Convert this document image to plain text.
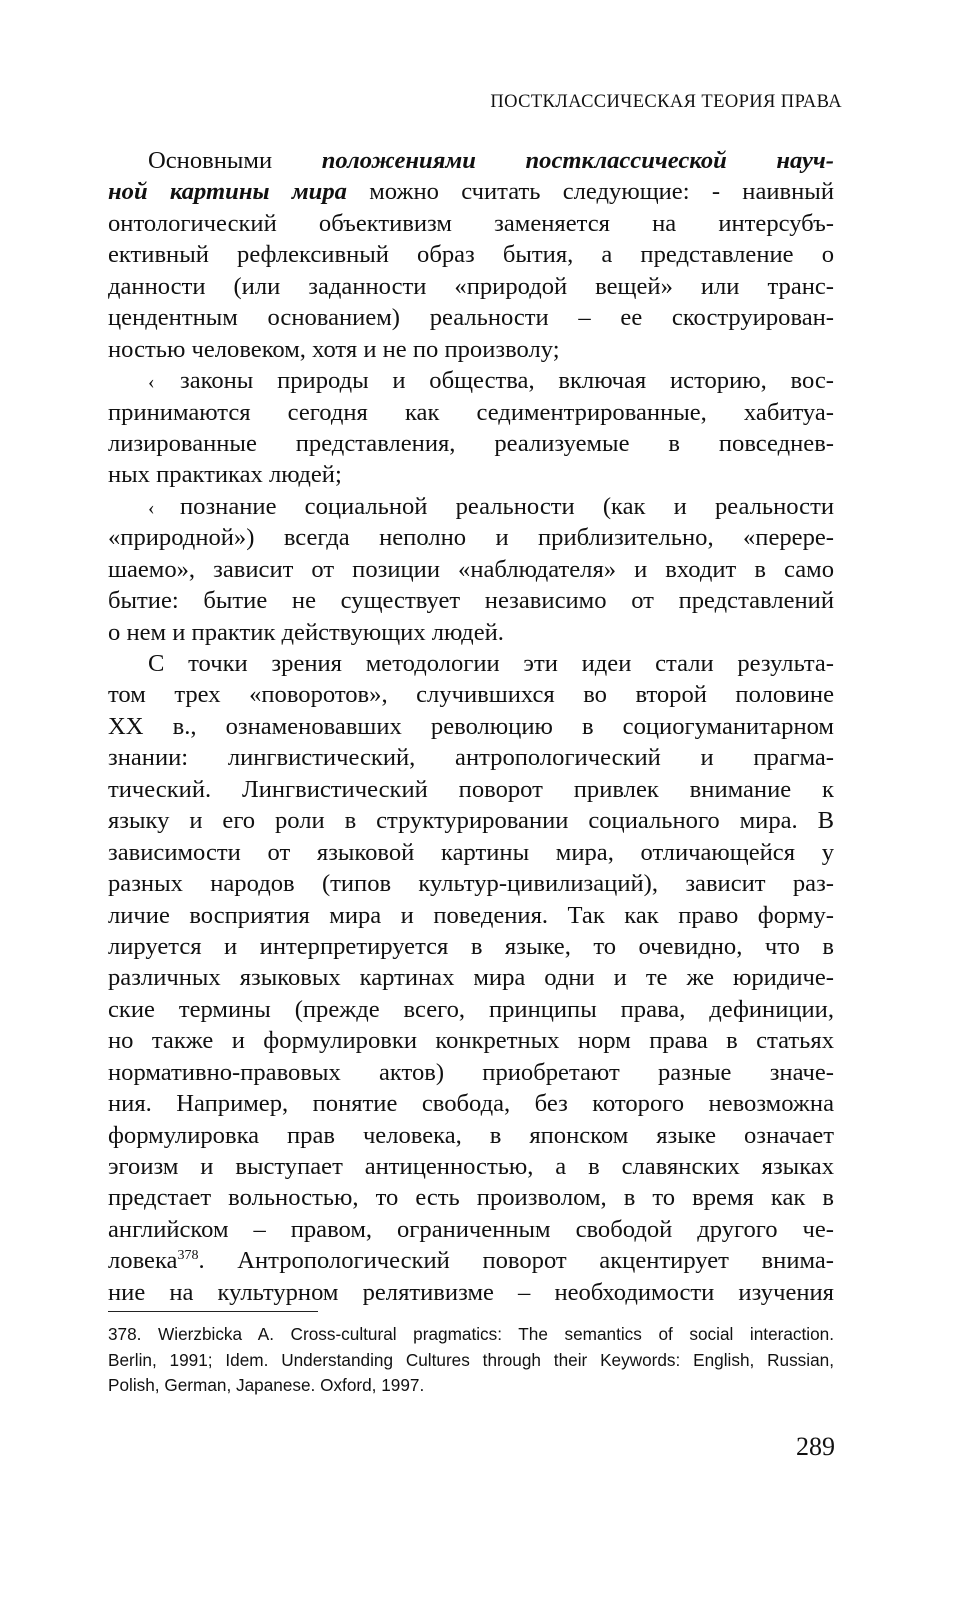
ПОСТКЛАССИЧЕСКАЯ ТЕОРИЯ ПРАВА
Основными положениями постклассической науч-
ной картины мира можно считать следующие: - наивный
онтологический объективизм заменяется на интерсубъ-
ективный рефлексивный образ бытия, а представление о
данности (или заданности «природой вещей» или транс-
цендентным основанием) реальности – ее скоструирован-
ностью человеком, хотя и не по произволу;
‹ законы природы и общества, включая историю, вос-
принимаются сегодня как седиментрированные, хабитуа-
лизированные представления, реализуемые в повседнев-
ных практиках людей;
‹ познание социальной реальности (как и реальности
«природной») всегда неполно и приблизительно, «перере-
шаемо», зависит от позиции «наблюдателя» и входит в само
бытие: бытие не существует независимо от представлений
о нем и практик действующих людей.
С точки зрения методологии эти идеи стали результа-
том трех «поворотов», случившихся во второй половине
XX в., ознаменовавших революцию в социогуманитарном
знании: лингвистический, антропологический и прагма-
тический. Лингвистический поворот привлек внимание к
языку и его роли в структурировании социального мира. В
зависимости от языковой картины мира, отличающейся у
разных народов (типов культур-цивилизаций), зависит раз-
личие восприятия мира и поведения. Так как право форму-
лируется и интерпретируется в языке, то очевидно, что в
различных языковых картинах мира одни и те же юридиче-
ские термины (прежде всего, принципы права, дефиниции,
но также и формулировки конкретных норм права в статьях
нормативно-правовых актов) приобретают разные значе-
ния. Например, понятие свобода, без которого невозможна
формулировка прав человека, в японском языке означает
эгоизм и выступает антиценностью, а в славянских языках
предстает вольностью, то есть произволом, в то время как в
английском – правом, ограниченным свободой другого че-
ловека$^{378}$. Антропологический поворот акцентирует внима-
ние на культурном релятивизме – необходимости изучения
378. Wierzbicka A. Cross-cultural pragmatics: The semantics of social interaction.
Berlin, 1991; Idem. Understanding Cultures through their Keywords: English, Russian,
Polish, German, Japanese. Oxford, 1997.
289
